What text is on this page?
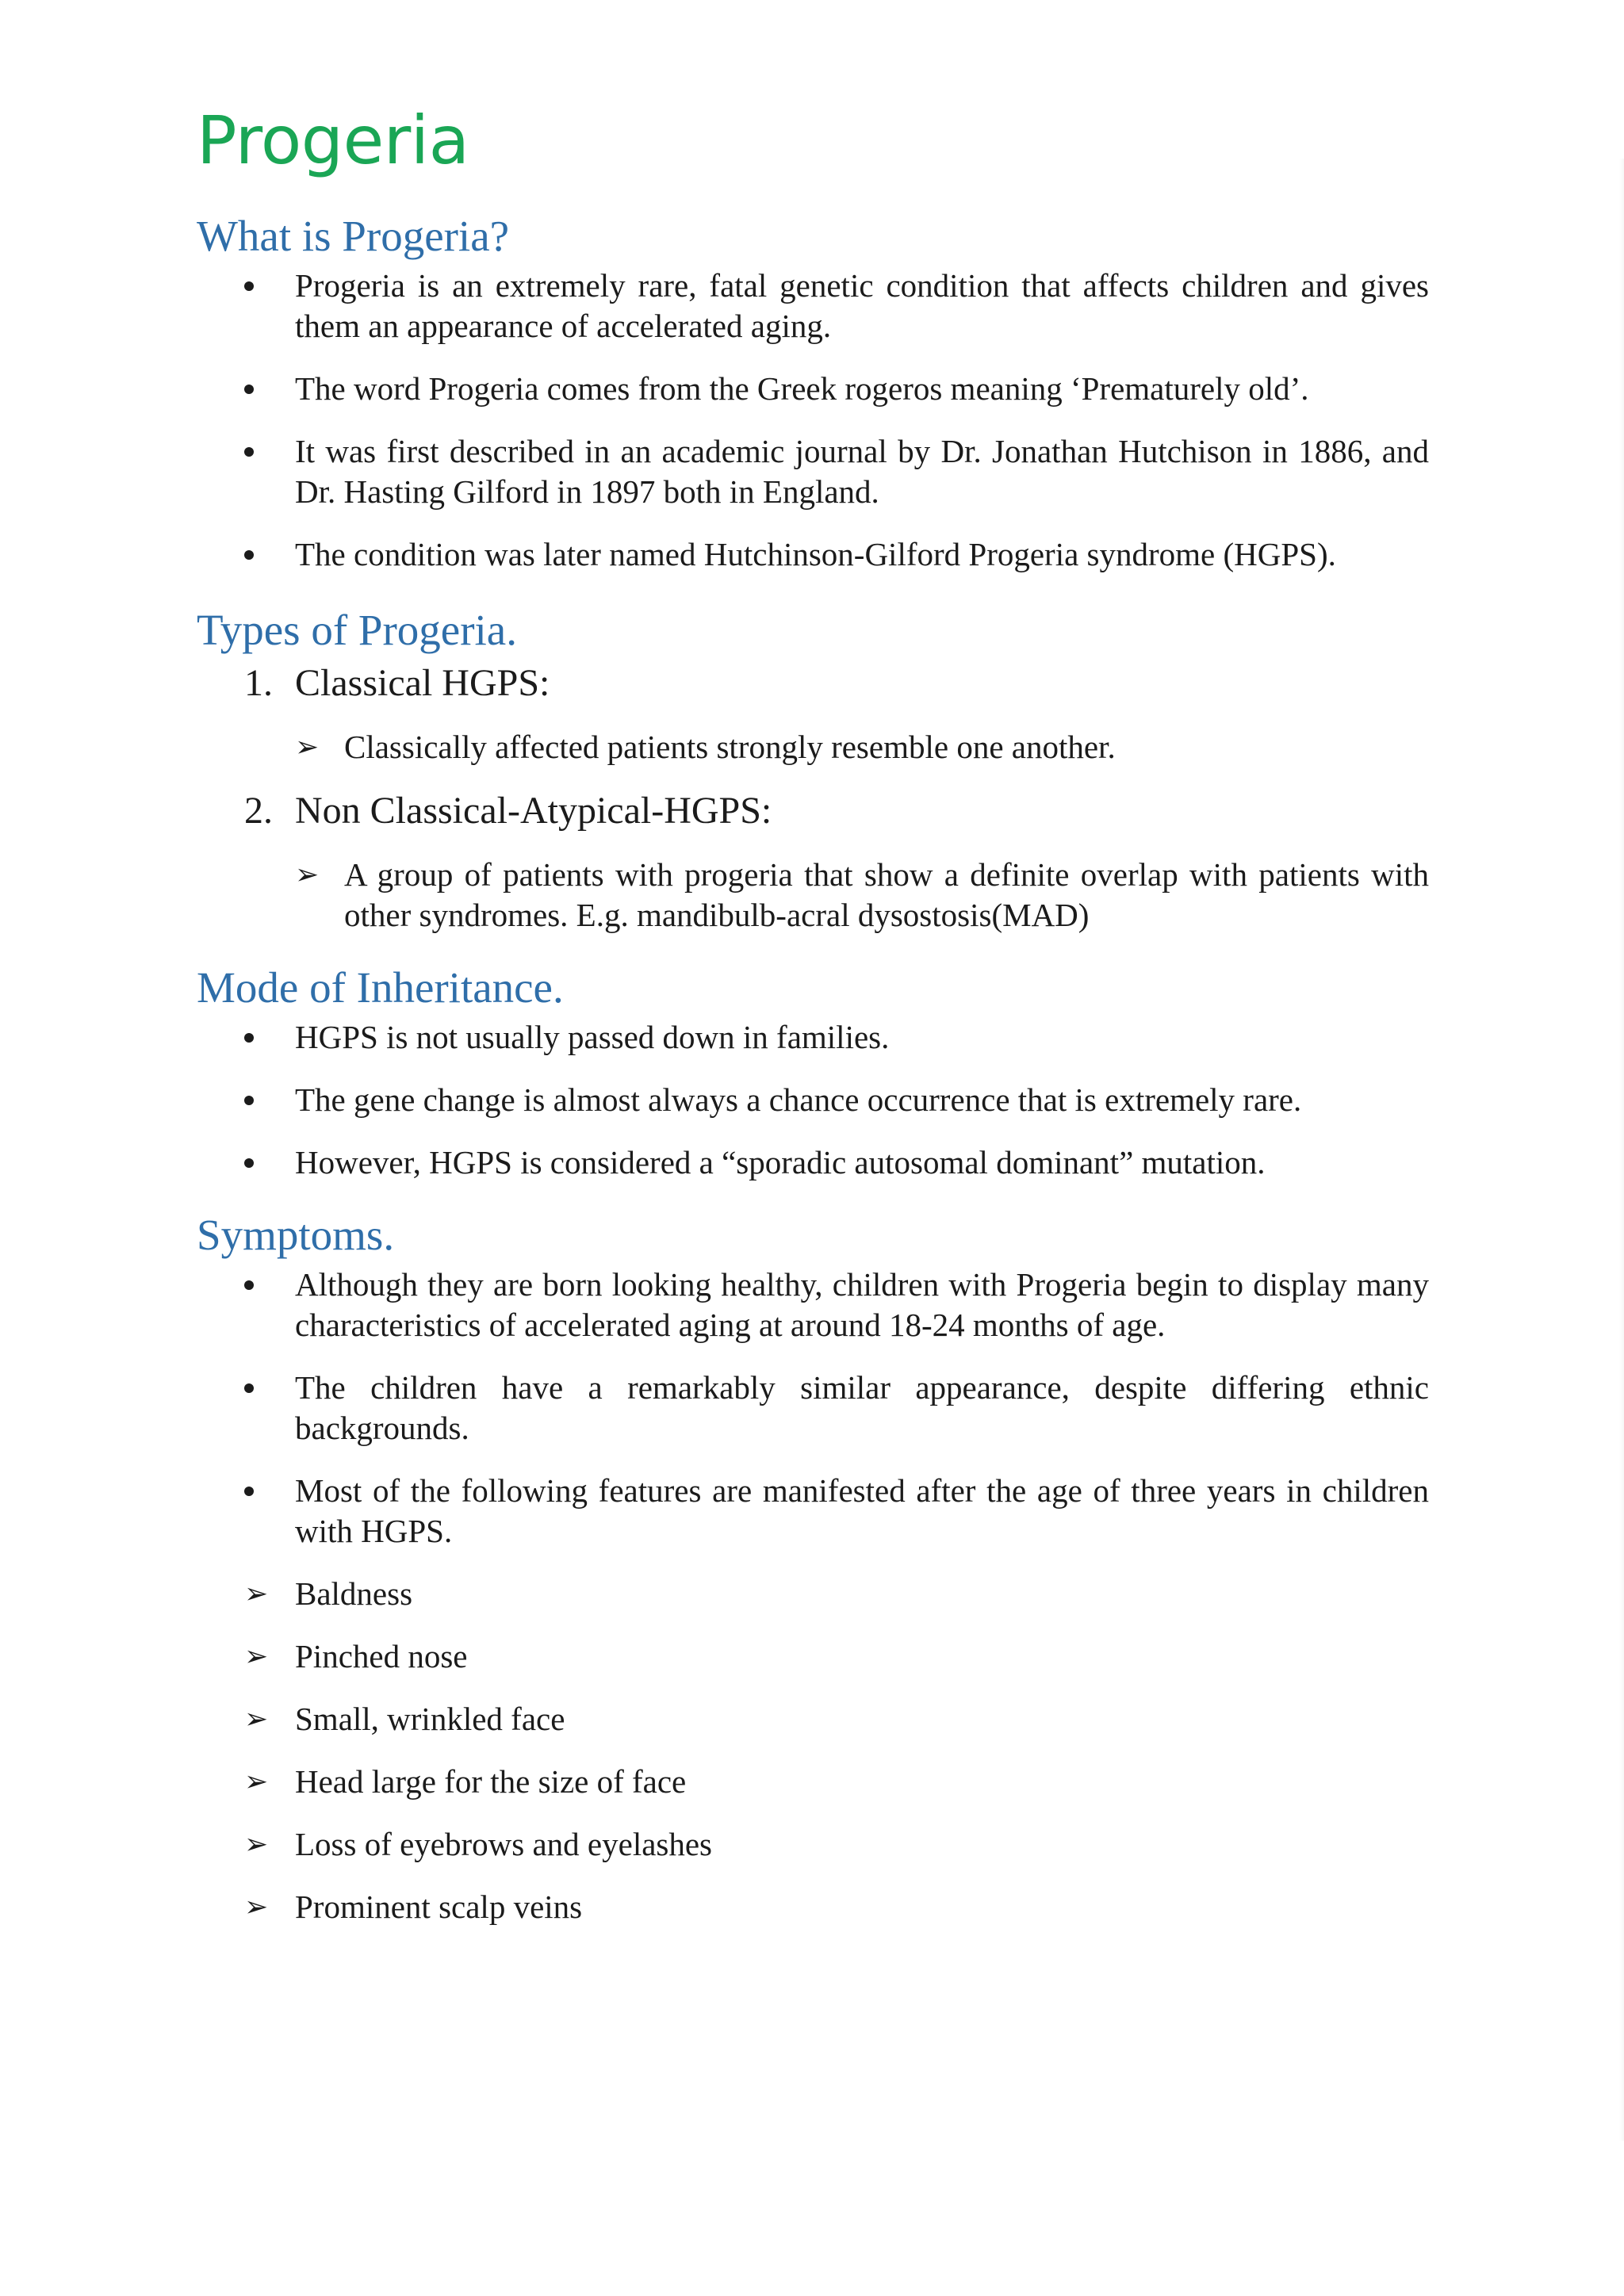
Progeria
What is Progeria?
Progeria is an extremely rare, fatal genetic condition that affects children and gives them an appearance of accelerated aging.
The word Progeria comes from the Greek rogeros meaning ‘Prematurely old’.
It was first described in an academic journal by Dr. Jonathan Hutchison in 1886, and Dr. Hasting Gilford in 1897 both in England.
The condition was later named Hutchinson-Gilford Progeria syndrome (HGPS).
Types of Progeria.
1. Classical HGPS:
➢ Classically affected patients strongly resemble one another.
2. Non Classical-Atypical-HGPS:
➢ A group of patients with progeria that show a definite overlap with patients with other syndromes. E.g. mandibulb-acral dysostosis(MAD)
Mode of Inheritance.
HGPS is not usually passed down in families.
The gene change is almost always a chance occurrence that is extremely rare.
However, HGPS is considered a “sporadic autosomal dominant” mutation.
Symptoms.
Although they are born looking healthy, children with Progeria begin to display many characteristics of accelerated aging at around 18-24 months of age.
The children have a remarkably similar appearance, despite differing ethnic backgrounds.
Most of the following features are manifested after the age of three years in children with HGPS.
➢ Baldness
➢ Pinched nose
➢ Small, wrinkled face
➢ Head large for the size of face
➢ Loss of eyebrows and eyelashes
➢ Prominent scalp veins
